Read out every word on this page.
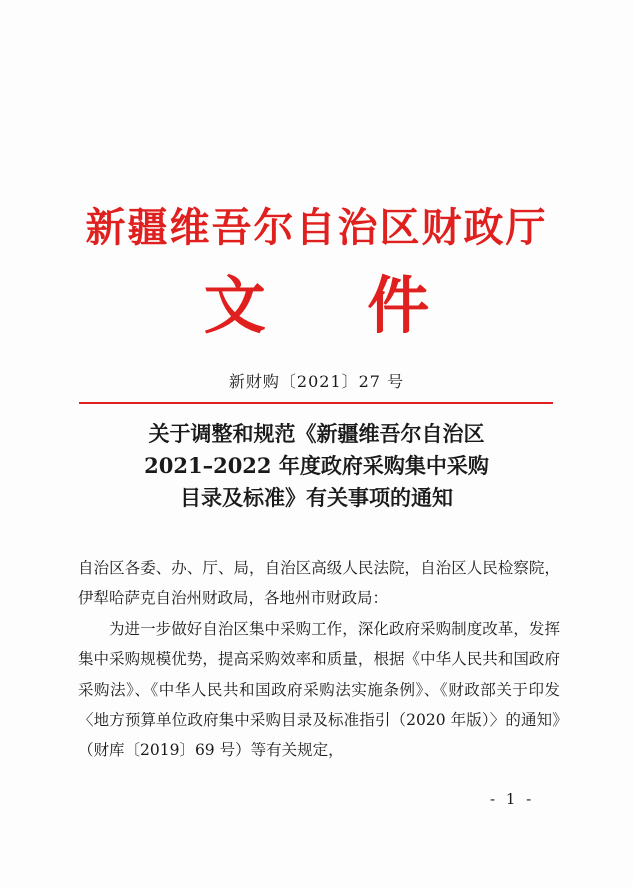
新疆维吾尔自治区财政厅
文 件
新财购〔2021〕27 号
关于调整和规范《新疆维吾尔自治区
2021–2022 年度政府采购集中采购
目录及标准》有关事项的通知

自治区各委、办、厅、局，自治区高级人民法院，自治区人民检察院，伊犁哈萨克自治州财政局，各地州市财政局：

为进一步做好自治区集中采购工作，深化政府采购制度改革，发挥集中采购规模优势，提高采购效率和质量，根据《中华人民共和国政府采购法》、《中华人民共和国政府采购法实施条例》、《财政部关于印发〈地方预算单位政府集中采购目录及标准指引（2020 年版）〉的通知》（财库〔2019〕69 号）等有关规定，

- 1 -
